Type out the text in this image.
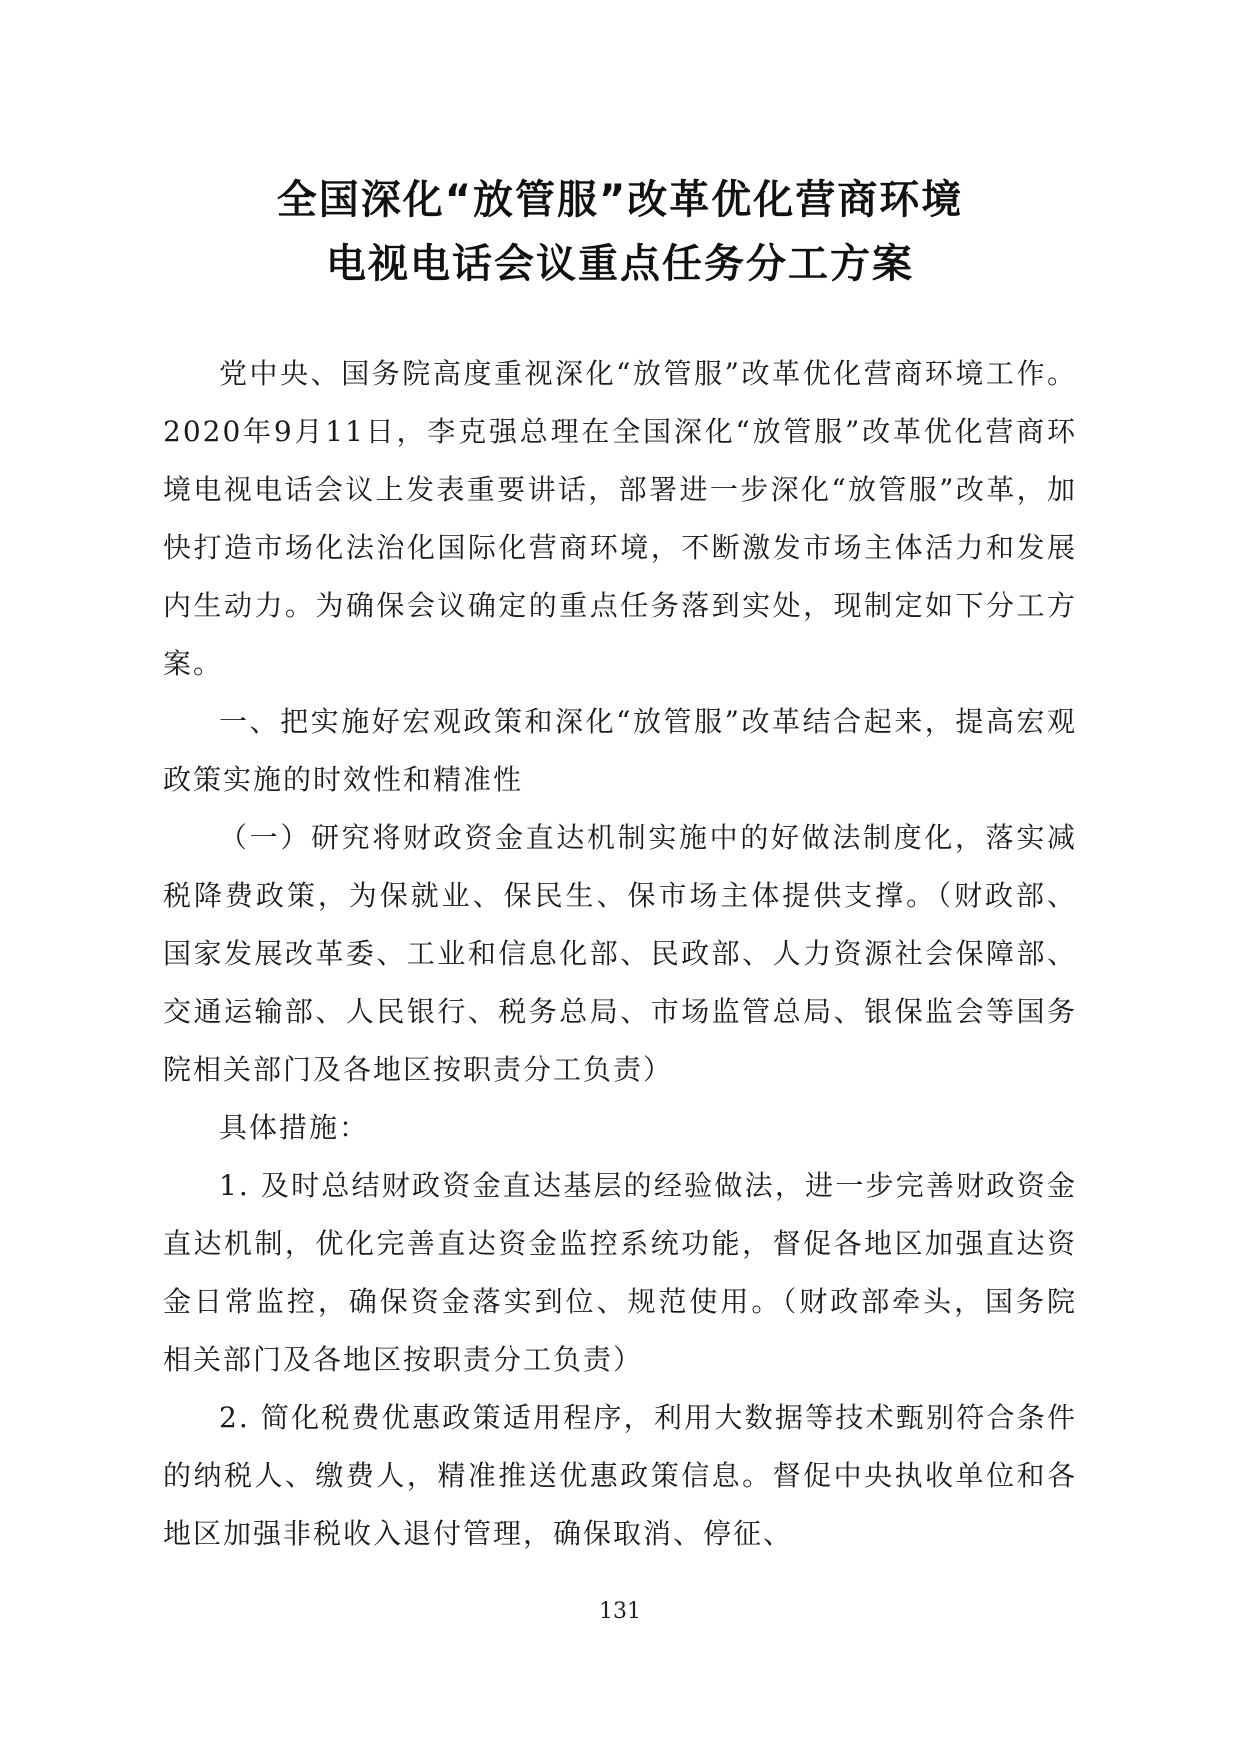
全国深化“放管服”改革优化营商环境
电视电话会议重点任务分工方案

党中央、国务院高度重视深化“放管服”改革优化营商环境工作。2020年9月11日，李克强总理在全国深化“放管服”改革优化营商环境电视电话会议上发表重要讲话，部署进一步深化“放管服”改革，加快打造市场化法治化国际化营商环境，不断激发市场主体活力和发展内生动力。为确保会议确定的重点任务落到实处，现制定如下分工方案。

一、把实施好宏观政策和深化“放管服”改革结合起来，提高宏观政策实施的时效性和精准性

（一）研究将财政资金直达机制实施中的好做法制度化，落实减税降费政策，为保就业、保民生、保市场主体提供支撑。（财政部、国家发展改革委、工业和信息化部、民政部、人力资源社会保障部、交通运输部、人民银行、税务总局、市场监管总局、银保监会等国务院相关部门及各地区按职责分工负责）

具体措施：

1. 及时总结财政资金直达基层的经验做法，进一步完善财政资金直达机制，优化完善直达资金监控系统功能，督促各地区加强直达资金日常监控，确保资金落实到位、规范使用。（财政部牵头，国务院相关部门及各地区按职责分工负责）

2. 简化税费优惠政策适用程序，利用大数据等技术甄别符合条件的纳税人、缴费人，精准推送优惠政策信息。督促中央执收单位和各地区加强非税收入退付管理，确保取消、停征、

131
